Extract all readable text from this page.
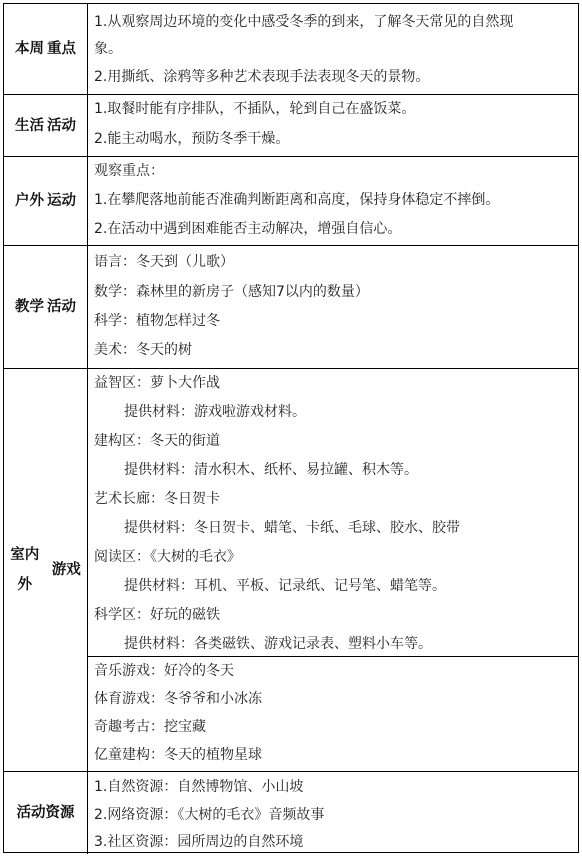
本周 重点
1.从观察周边环境的变化中感受冬季的到来，了解冬天常见的自然现
象。
2.用撕纸、涂鸦等多种艺术表现手法表现冬天的景物。
生活 活动
1.取餐时能有序排队，不插队，轮到自己在盛饭菜。
2.能主动喝水，预防冬季干燥。
户外 运动
观察重点：
1.在攀爬落地前能否准确判断距离和高度，保持身体稳定不摔倒。
2.在活动中遇到困难能否主动解决，增强自信心。
教学 活动
语言：冬天到（儿歌）
数学：森林里的新房子（感知7以内的数量）
科学：植物怎样过冬
美术：冬天的树
室内外
游戏
益智区：萝卜大作战
提供材料：游戏啦游戏材料。
建构区：冬天的街道
提供材料：清水积木、纸杯、易拉罐、积木等。
艺术长廊：冬日贺卡
提供材料：冬日贺卡、蜡笔、卡纸、毛球、胶水、胶带
阅读区：《大树的毛衣》
提供材料：耳机、平板、记录纸、记号笔、蜡笔等。
科学区：好玩的磁铁
提供材料：各类磁铁、游戏记录表、塑料小车等。
音乐游戏：好冷的冬天
体育游戏：冬爷爷和小冰冻
奇趣考古：挖宝藏
亿童建构：冬天的植物星球
活动资源
1.自然资源：自然博物馆、小山坡
2.网络资源：《大树的毛衣》音频故事
3.社区资源：园所周边的自然环境
